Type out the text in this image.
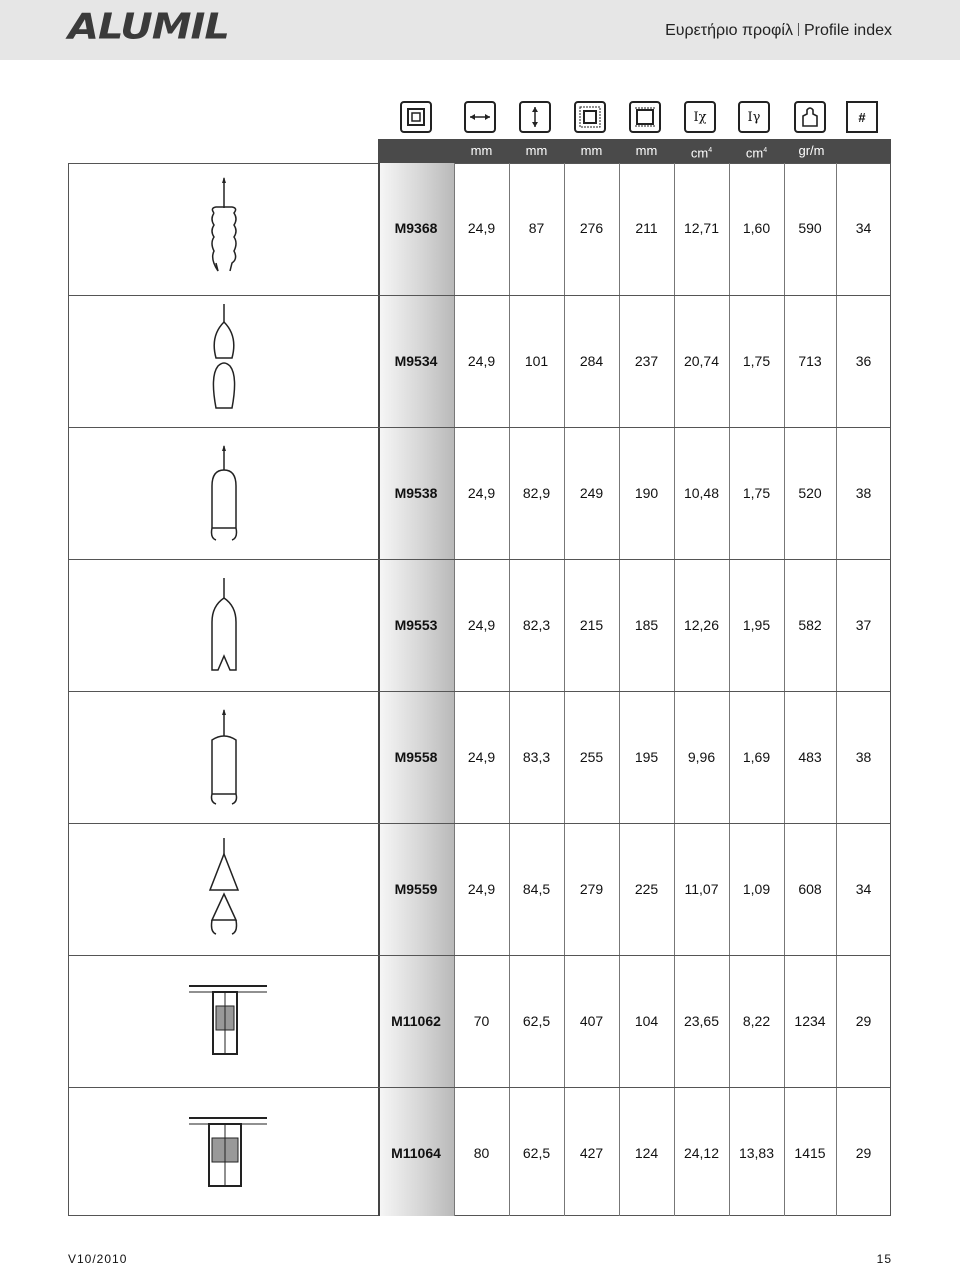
ALUMIL	Ευρετήριο προφίλ Profile index
Iχ	Iγ	#
mm	mm	mm	mm	$cm^4$	$cm^4$	gr/m
M9368	24,9	87	276	211	12,71	1,60	590	34
M9534	24,9	101	284	237	20,74	1,75	713	36
M9538	24,9	82,9	249	190	10,48	1,75	520	38
M9553	24,9	82,3	215	185	12,26	1,95	582	37
M9558	24,9	83,3	255	195	9,96	1,69	483	38
M9559	24,9	84,5	279	225	11,07	1,09	608	34
M11062	70	62,5	407	104	23,65	8,22	1234	29
M11064	80	62,5	427	124	24,12	13,83	1415	29
V10/2010	15
